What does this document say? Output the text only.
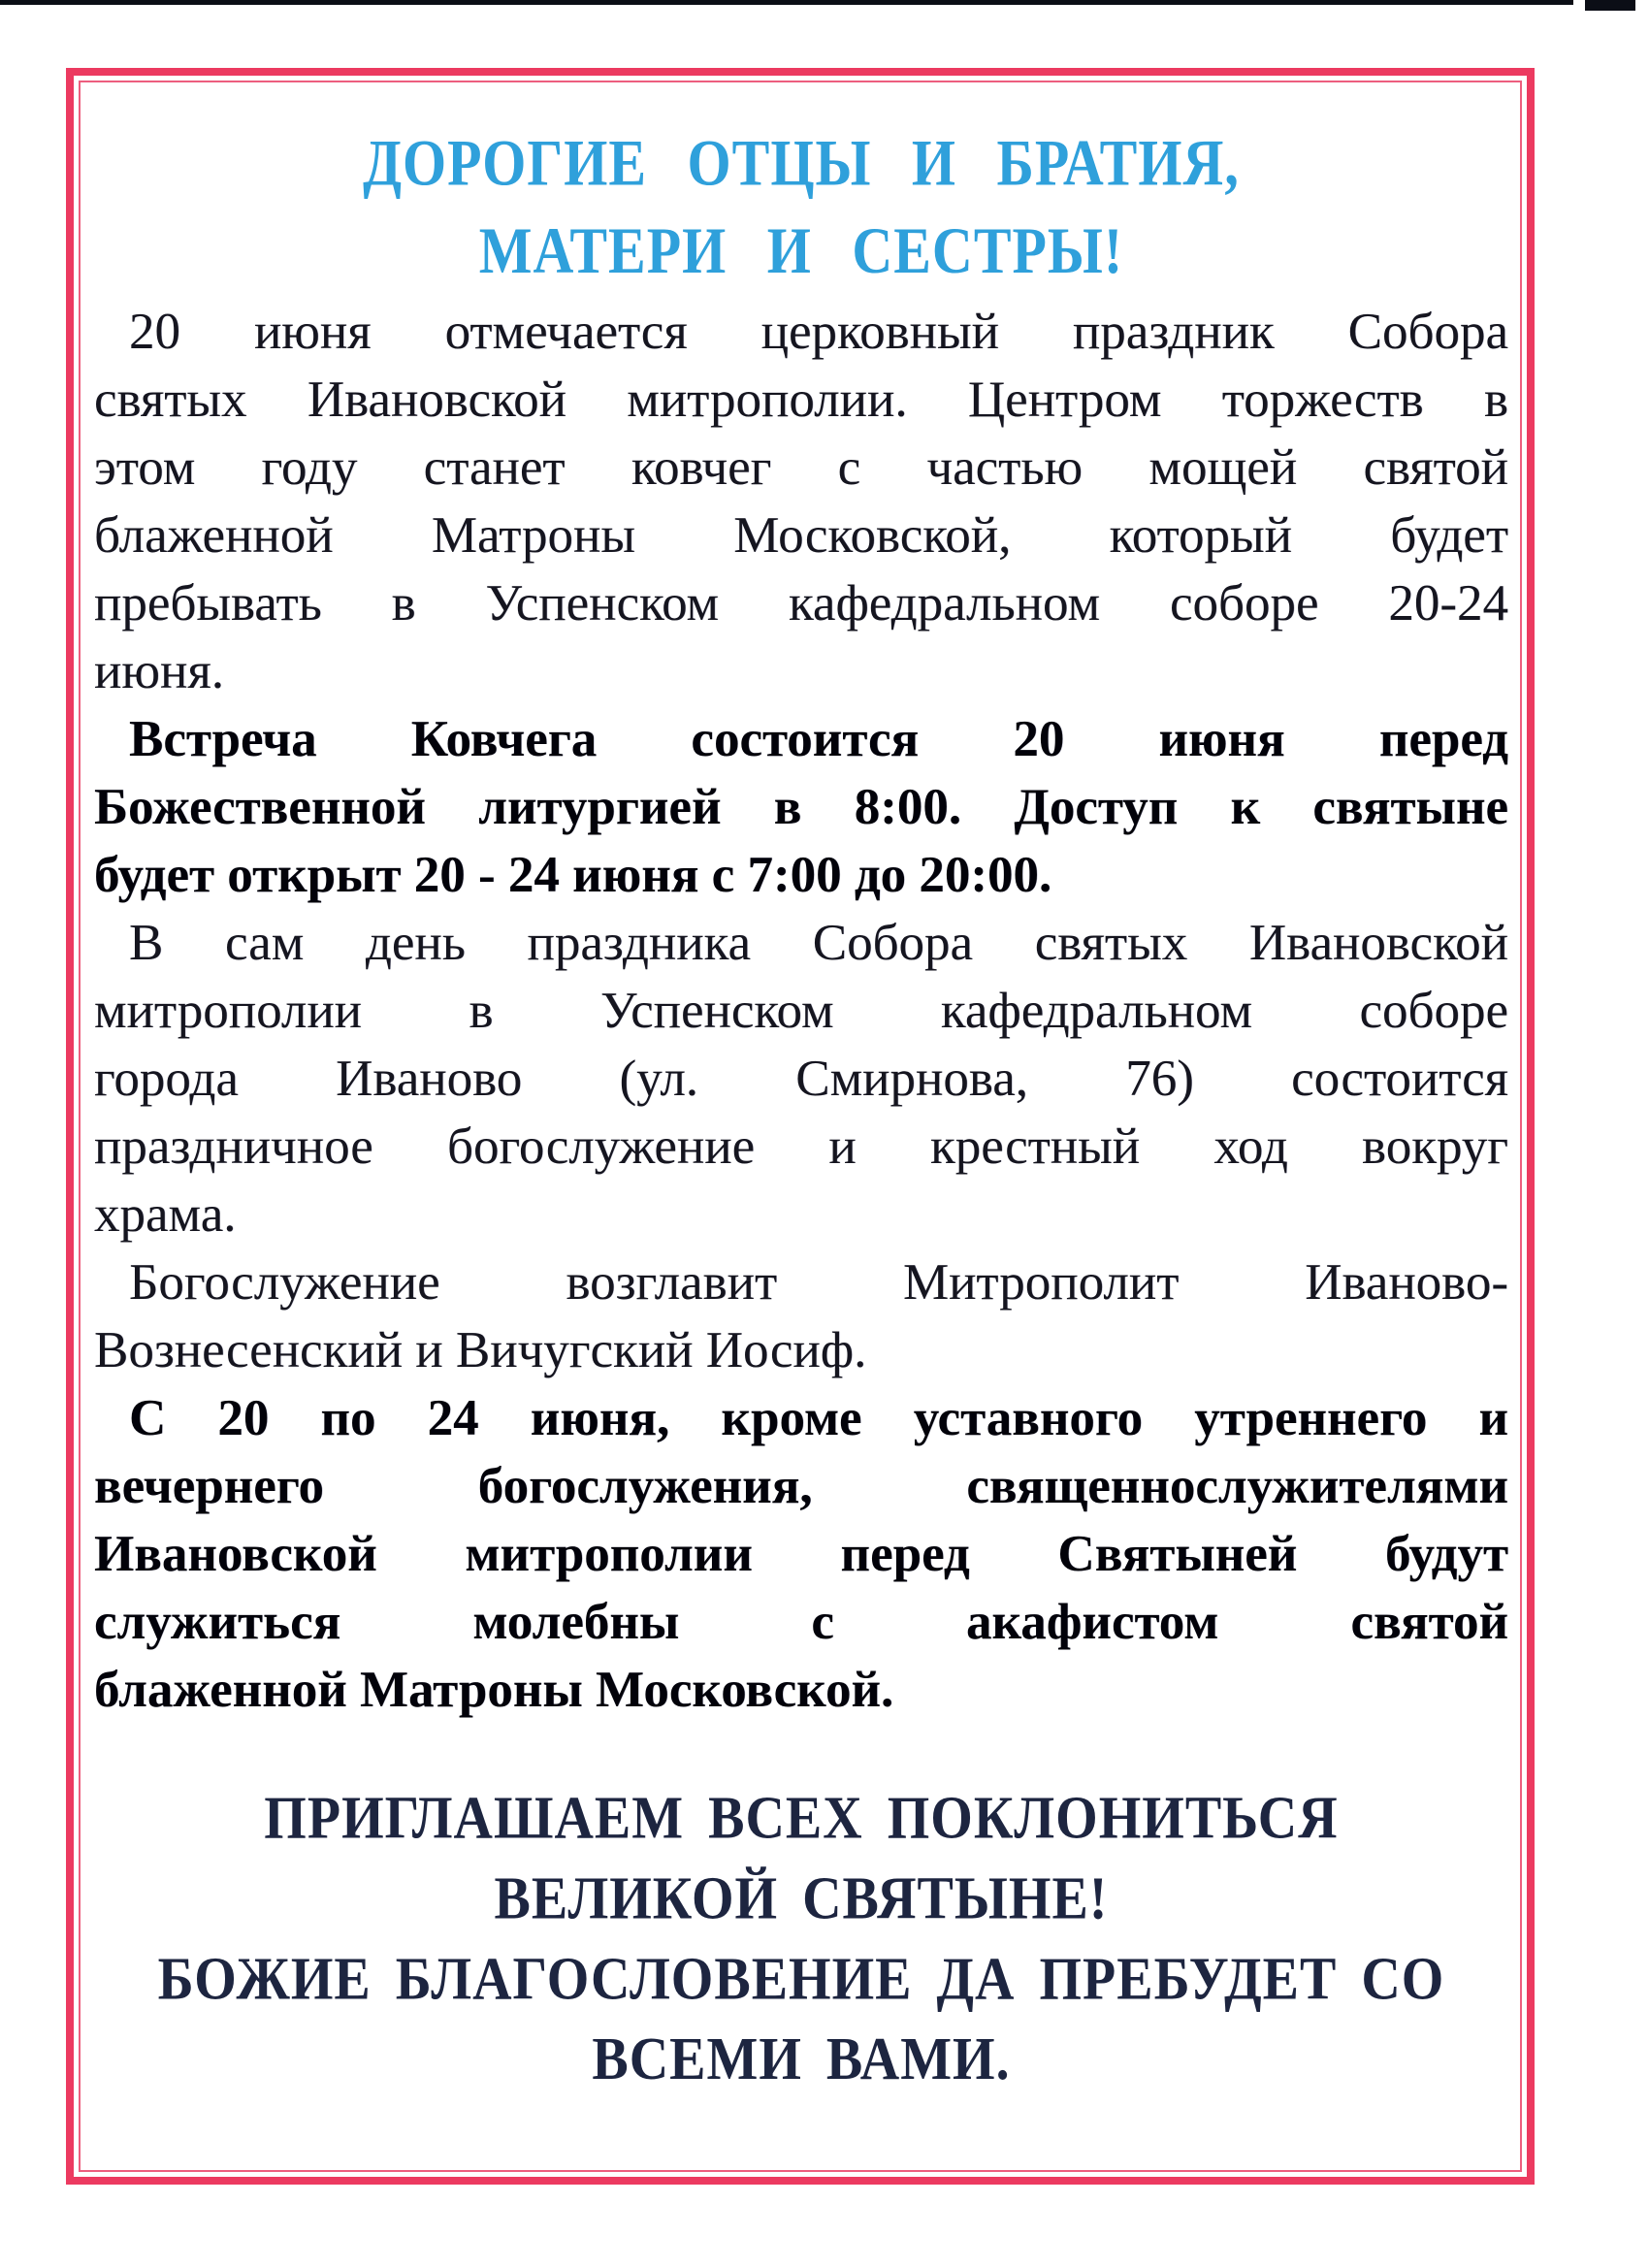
ДОРОГИЕ ОТЦЫ И БРАТИЯ,
МАТЕРИ И СЕСТРЫ!
20 июня отмечается церковный праздник Собора
святых Ивановской митрополии. Центром торжеств в
этом году станет ковчег с частью мощей святой
блаженной Матроны Московской, который будет
пребывать в Успенском кафедральном соборе 20-24
июня.
Встреча Ковчега состоится 20 июня перед
Божественной литургией в 8:00. Доступ к святыне
будет открыт 20 - 24 июня с 7:00 до 20:00.
В сам день праздника Собора святых Ивановской
митрополии в Успенском кафедральном соборе
города Иваново (ул. Смирнова, 76) состоится
праздничное богослужение и крестный ход вокруг
храма.
Богослужение возглавит Митрополит Иваново-
Вознесенский и Вичугский Иосиф.
С 20 по 24 июня, кроме уставного утреннего и
вечернего богослужения, священнослужителями
Ивановской митрополии перед Святыней будут
служиться молебны с акафистом святой
блаженной Матроны Московской.
ПРИГЛАШАЕМ ВСЕХ ПОКЛОНИТЬСЯ
ВЕЛИКОЙ СВЯТЫНЕ!
БОЖИЕ БЛАГОСЛОВЕНИЕ ДА ПРЕБУДЕТ СО
ВСЕМИ ВАМИ.
